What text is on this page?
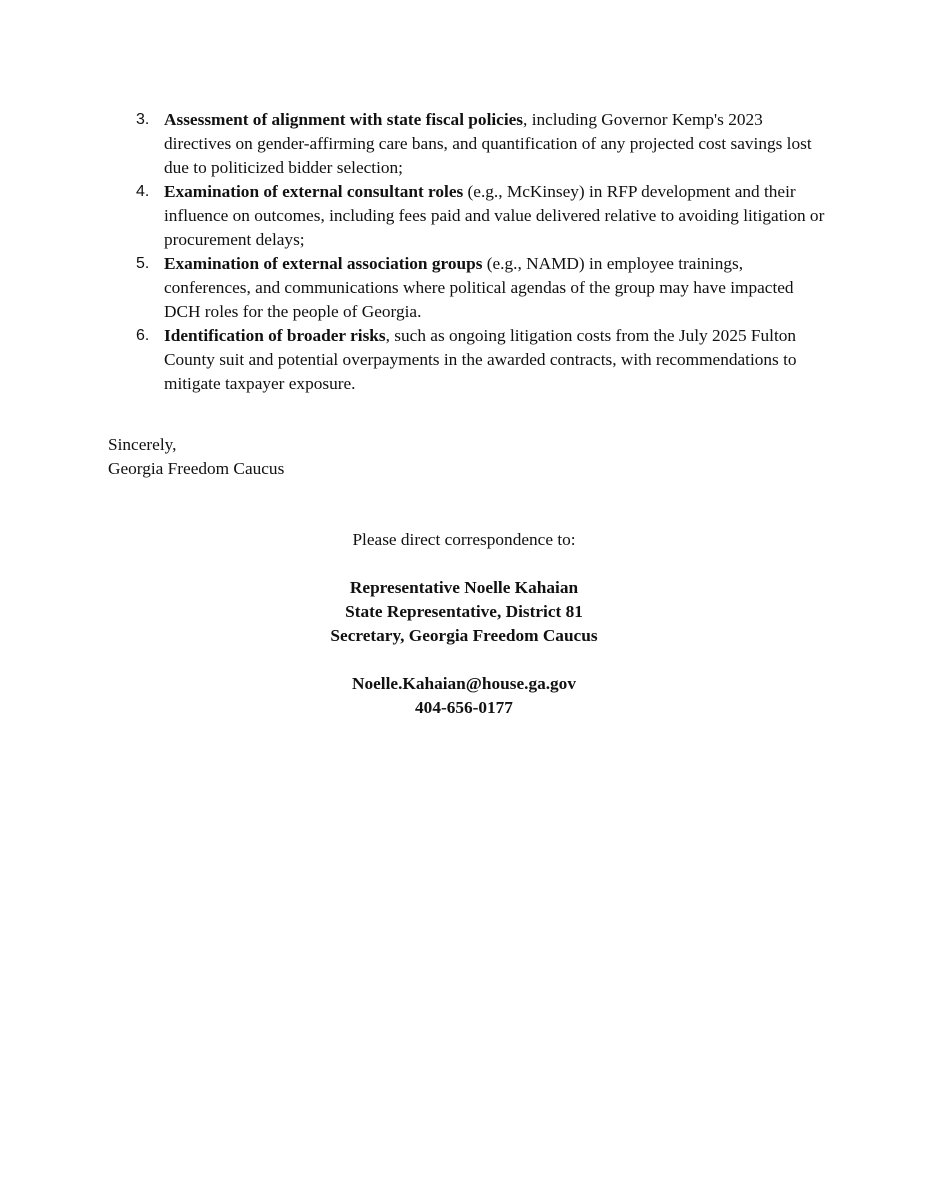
3. Assessment of alignment with state fiscal policies, including Governor Kemp's 2023 directives on gender-affirming care bans, and quantification of any projected cost savings lost due to politicized bidder selection;
4. Examination of external consultant roles (e.g., McKinsey) in RFP development and their influence on outcomes, including fees paid and value delivered relative to avoiding litigation or procurement delays;
5. Examination of external association groups (e.g., NAMD) in employee trainings, conferences, and communications where political agendas of the group may have impacted DCH roles for the people of Georgia.
6. Identification of broader risks, such as ongoing litigation costs from the July 2025 Fulton County suit and potential overpayments in the awarded contracts, with recommendations to mitigate taxpayer exposure.
Sincerely,
Georgia Freedom Caucus
Please direct correspondence to:
Representative Noelle Kahaian
State Representative, District 81
Secretary, Georgia Freedom Caucus
Noelle.Kahaian@house.ga.gov
404-656-0177
